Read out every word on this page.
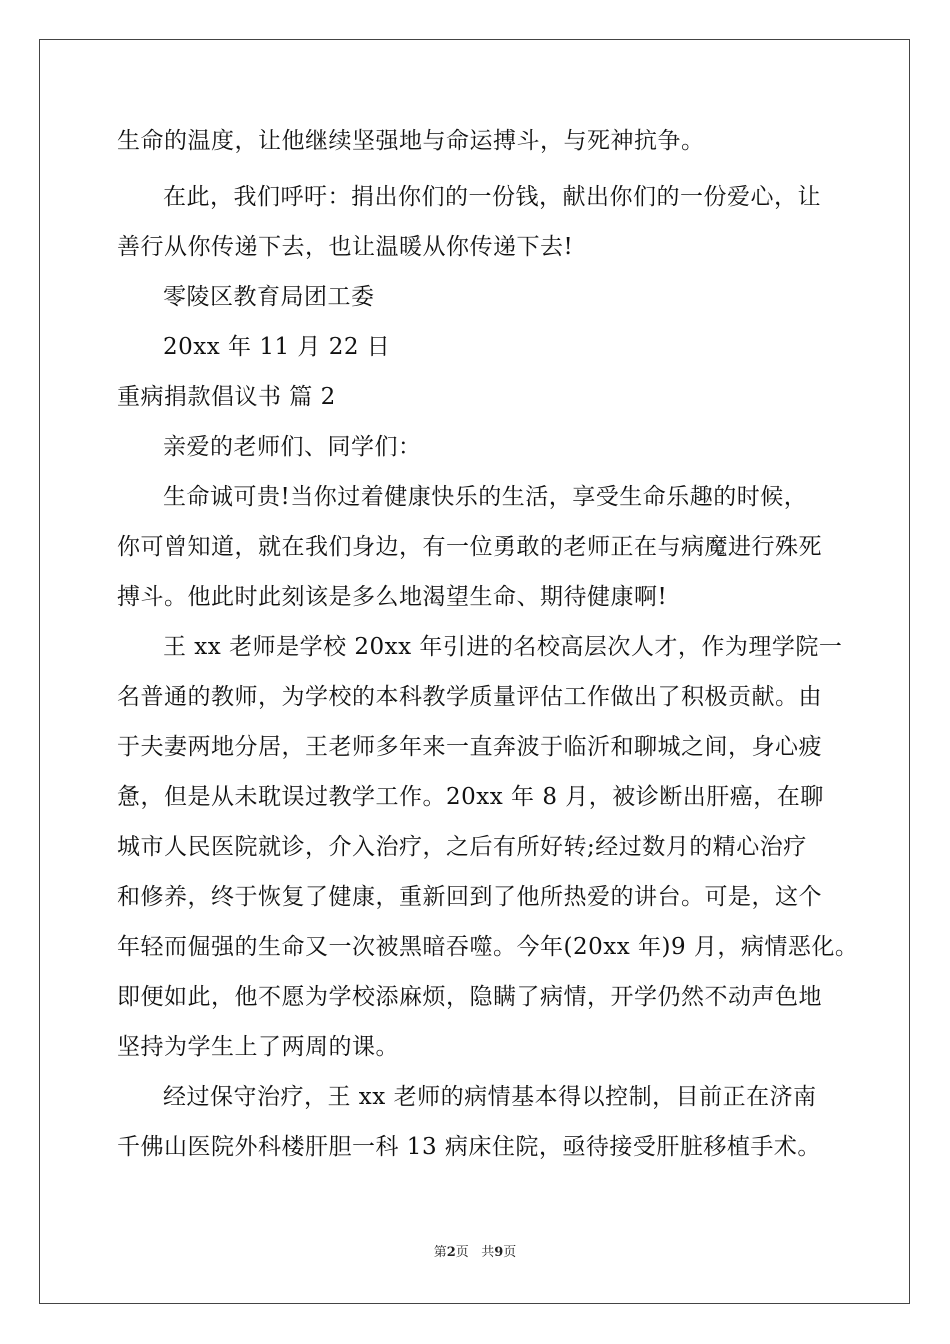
生命的温度，让他继续坚强地与命运搏斗，与死神抗争。
在此，我们呼吁：捐出你们的一份钱，献出你们的一份爱心，让
善行从你传递下去，也让温暖从你传递下去!
零陵区教育局团工委
20xx 年 11 月 22 日
重病捐款倡议书 篇 2
亲爱的老师们、同学们：
生命诚可贵!当你过着健康快乐的生活，享受生命乐趣的时候，
你可曾知道，就在我们身边，有一位勇敢的老师正在与病魔进行殊死
搏斗。他此时此刻该是多么地渴望生命、期待健康啊!
王 xx 老师是学校 20xx 年引进的名校高层次人才，作为理学院一
名普通的教师，为学校的本科教学质量评估工作做出了积极贡献。由
于夫妻两地分居，王老师多年来一直奔波于临沂和聊城之间，身心疲
惫，但是从未耽误过教学工作。20xx 年 8 月，被诊断出肝癌，在聊
城市人民医院就诊，介入治疗，之后有所好转;经过数月的精心治疗
和修养，终于恢复了健康，重新回到了他所热爱的讲台。可是，这个
年轻而倔强的生命又一次被黑暗吞噬。今年(20xx 年)9 月，病情恶化。
即便如此，他不愿为学校添麻烦，隐瞒了病情，开学仍然不动声色地
坚持为学生上了两周的课。
经过保守治疗，王 xx 老师的病情基本得以控制，目前正在济南
千佛山医院外科楼肝胆一科 13 病床住院，亟待接受肝脏移植手术。
第2页 共9页
